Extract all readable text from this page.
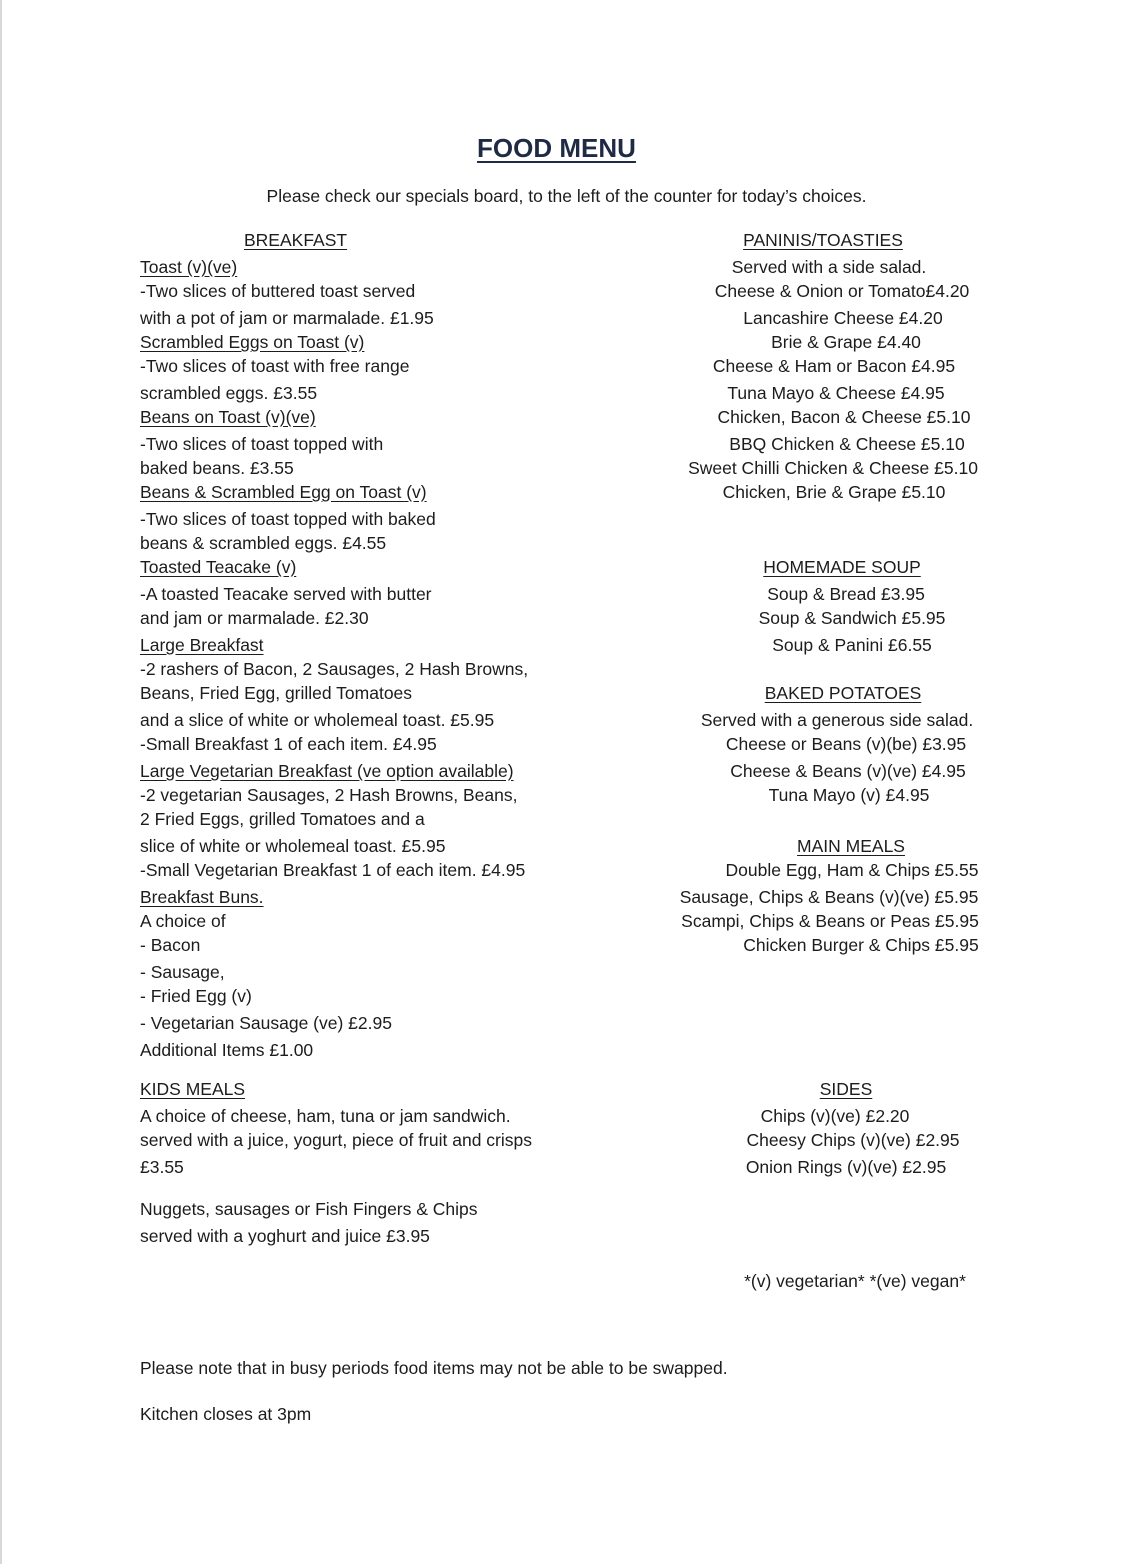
FOOD MENU
Please check our specials board, to the left of the counter for today’s choices.
BREAKFAST
Toast (v)(ve)
-Two slices of buttered toast served
with a pot of jam or marmalade. £1.95
Scrambled Eggs on Toast (v)
-Two slices of toast with free range
scrambled eggs. £3.55
Beans on Toast (v)(ve)
-Two slices of toast topped with
baked beans. £3.55
Beans & Scrambled Egg on Toast (v)
-Two slices of toast topped with baked
beans & scrambled eggs. £4.55
Toasted Teacake (v)
-A toasted Teacake served with butter
and jam or marmalade. £2.30
Large Breakfast
-2 rashers of Bacon, 2 Sausages, 2 Hash Browns,
Beans, Fried Egg, grilled Tomatoes
and a slice of white or wholemeal toast. £5.95
-Small Breakfast 1 of each item. £4.95
Large Vegetarian Breakfast (ve option available)
-2 vegetarian Sausages, 2 Hash Browns, Beans,
2 Fried Eggs, grilled Tomatoes and a
slice of white or wholemeal toast. £5.95
-Small Vegetarian Breakfast 1 of each item. £4.95
Breakfast Buns.
A choice of
- Bacon
- Sausage,
- Fried Egg (v)
- Vegetarian Sausage (ve) £2.95
Additional Items £1.00
KIDS MEALS
A choice of cheese, ham, tuna or jam sandwich.
served with a juice, yogurt, piece of fruit and crisps
£3.55
Nuggets, sausages or Fish Fingers & Chips
served with a yoghurt and juice £3.95
PANINIS/TOASTIES
Served with a side salad.
Cheese & Onion or Tomato£4.20
Lancashire Cheese £4.20
Brie & Grape £4.40
Cheese & Ham or Bacon £4.95
Tuna Mayo & Cheese £4.95
Chicken, Bacon & Cheese £5.10
BBQ Chicken & Cheese £5.10
Sweet Chilli Chicken & Cheese £5.10
Chicken, Brie & Grape £5.10
HOMEMADE SOUP
Soup & Bread £3.95
Soup & Sandwich £5.95
Soup & Panini £6.55
BAKED POTATOES
Served with a generous side salad.
Cheese or Beans (v)(be) £3.95
Cheese & Beans (v)(ve) £4.95
Tuna Mayo (v) £4.95
MAIN MEALS
Double Egg, Ham & Chips £5.55
Sausage, Chips & Beans (v)(ve) £5.95
Scampi, Chips & Beans or Peas £5.95
Chicken Burger & Chips £5.95
SIDES
Chips (v)(ve) £2.20
Cheesy Chips (v)(ve) £2.95
Onion Rings (v)(ve) £2.95
*(v) vegetarian* *(ve) vegan*
Please note that in busy periods food items may not be able to be swapped.
Kitchen closes at 3pm
